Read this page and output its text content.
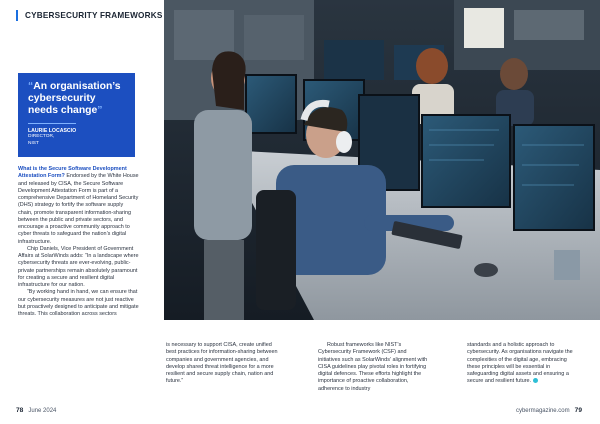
CYBERSECURITY FRAMEWORKS
“An organisation’s cybersecurity needs change”
LAURIE LOCASCIO
DIRECTOR,
NIST

What is the Secure Software Development Attestation Form? Endorsed by the White House and released by CISA, the Secure Software Development Attestation Form is part of a comprehensive Department of Homeland Security (DHS) strategy to fortify the software supply chain, promote transparent information-sharing between the public and private sectors, and encourage a proactive community approach to cyber threats to safeguard the nation’s digital infrastructure.

Chip Daniels, Vice President of Government Affairs at SolarWinds adds: “In a landscape where cybersecurity threats are ever-evolving, public-private partnerships remain absolutely paramount for creating a secure and resilient digital infrastructure for our nation.

“By working hand in hand, we can ensure that our cybersecurity measures are not just reactive but proactively designed to anticipate and mitigate threats. This collaboration across sectors

is necessary to support CISA, create unified best practices for information-sharing between companies and government agencies, and develop shared threat intelligence for a more resilient and secure supply chain, nation and future.”

Robust frameworks like NIST’s Cybersecurity Framework (CSF) and initiatives such as SolarWinds’ alignment with CISA guidelines play pivotal roles in fortifying digital defences. These efforts highlight the importance of proactive collaboration, adherence to industry

standards and a holistic approach to cybersecurity. As organisations navigate the complexities of the digital age, embracing these principles will be essential in safeguarding digital assets and ensuring a secure and resilient future.

78 June 2024	cybermagazine.com 79
